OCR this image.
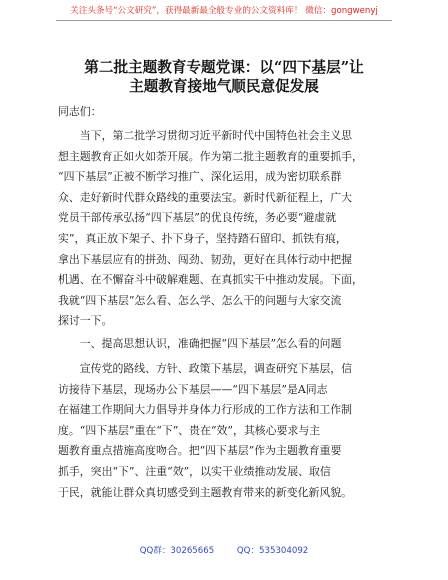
关注头条号“公文研究”，获得最新最全般专业的公文资料库！ 微信：gongwenyj
第二批主题教育专题党课：以“四下基层”让
主题教育接地气顺民意促发展
同志们：
　　当下，第二批学习贯彻习近平新时代中国特色社会主义思
想主题教育正如火如荼开展。作为第二批主题教育的重要抓手，
“四下基层”正被不断学习推广、深化运用，成为密切联系群
众、走好新时代群众路线的重要法宝。新时代新征程上，广大
党员干部传承弘扬“四下基层”的优良传统，务必要“避虚就
实”，真正放下架子、扑下身子，坚持踏石留印、抓铁有痕，
拿出下基层应有的拼劲、闯劲、韧劲，更好在具体行动中把握
机遇、在不懈奋斗中破解难题、在真抓实干中推动发展。下面，
我就“四下基层”怎么看、怎么学、怎么干的问题与大家交流
探讨一下。
　　一、提高思想认识，准确把握“四下基层”怎么看的问题
　　宣传党的路线、方针、政策下基层，调查研究下基层，信
访接待下基层，现场办公下基层——“四下基层”是A同志
在福建工作期间大力倡导并身体力行形成的工作方法和工作制
度。“四下基层”重在“下”、贵在“效”，其核心要求与主
题教育重点措施高度吻合。把“四下基层”作为主题教育重要
抓手，突出“下”、注重“效”，以实干业绩推动发展、取信
于民，就能让群众真切感受到主题教育带来的新变化新风貌。
QQ群：30265665	QQ：535304092
